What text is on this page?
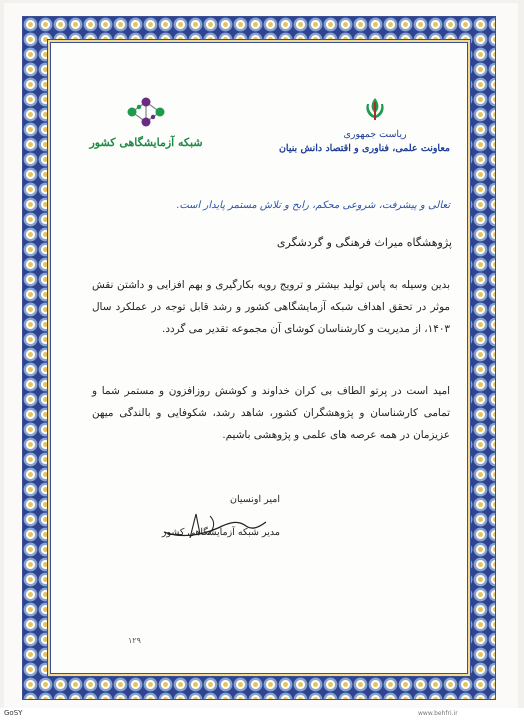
شبکه آزمایشگاهی کشور
ریاست جمهوری
معاونت علمی، فناوری و اقتصاد دانش بنیان
تعالی و پیشرفت، شروعی محکم، رابح و تلاش مستمر پایدار است.
پژوهشگاه میراث فرهنگی و گردشگری
بدین وسیله به پاس تولید بیشتر و ترویج رویه بکارگیری و بهم افزایی و داشتن نقش موثر در تحقق اهداف شبکه آزمایشگاهی کشور و رشد قابل توجه در عملکرد سال ۱۴۰۳، از مدیریت و کارشناسان کوشای آن مجموعه تقدیر می گردد.
امید است در پرتو الطاف بی کران خداوند و کوشش روزافزون و مستمر شما و تمامی کارشناسان و پژوهشگران کشور، شاهد رشد، شکوفایی و بالندگی میهن عزیزمان در همه عرصه های علمی و پژوهشی باشیم.
امیر اونسیان
مدیر شبکه آزمایشگاهی کشور
۱۲۹
GoSY	www.behfri.ir
